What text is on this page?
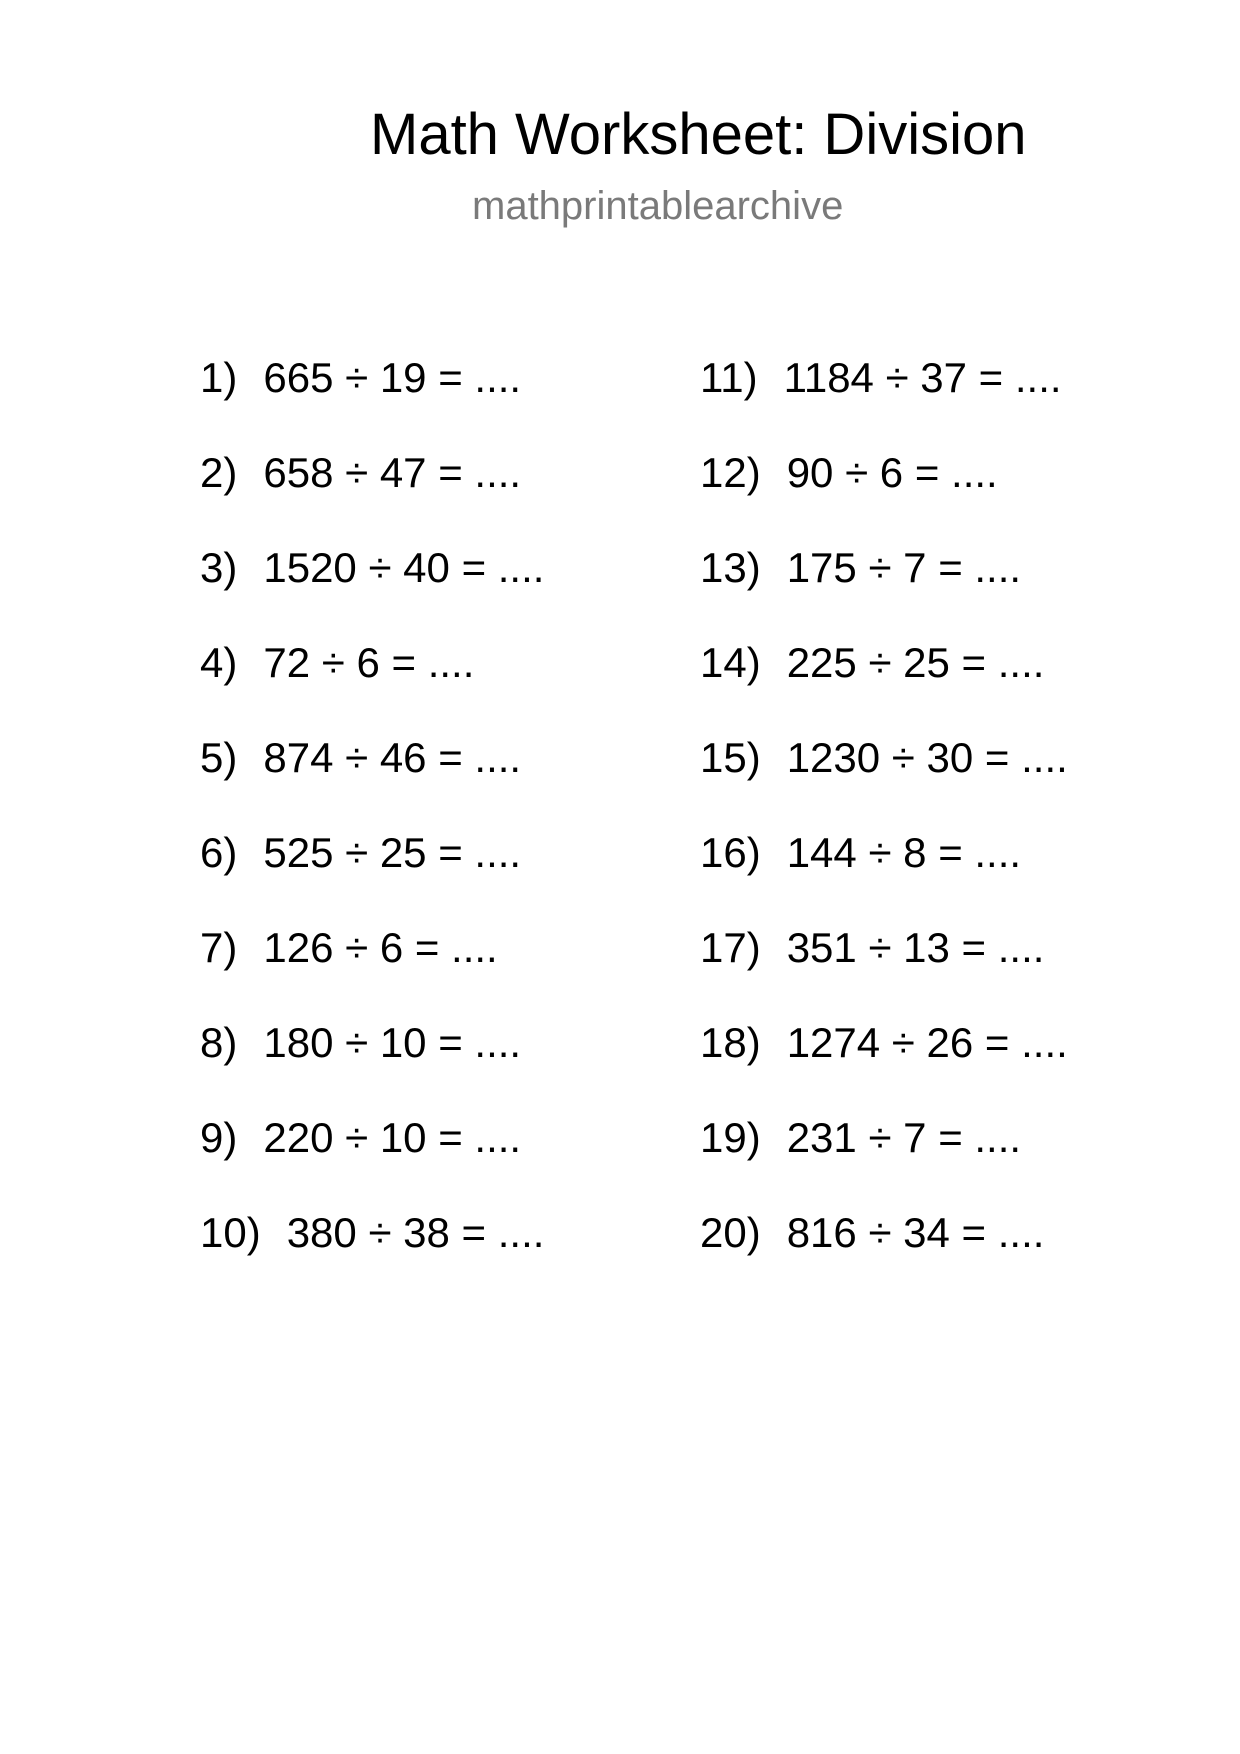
Math Worksheet: Division
mathprintablearchive
1) 665 ÷ 19 = ....
2) 658 ÷ 47 = ....
3) 1520 ÷ 40 = ....
4) 72 ÷ 6 = ....
5) 874 ÷ 46 = ....
6) 525 ÷ 25 = ....
7) 126 ÷ 6 = ....
8) 180 ÷ 10 = ....
9) 220 ÷ 10 = ....
10) 380 ÷ 38 = ....
11) 1184 ÷ 37 = ....
12) 90 ÷ 6 = ....
13) 175 ÷ 7 = ....
14) 225 ÷ 25 = ....
15) 1230 ÷ 30 = ....
16) 144 ÷ 8 = ....
17) 351 ÷ 13 = ....
18) 1274 ÷ 26 = ....
19) 231 ÷ 7 = ....
20) 816 ÷ 34 = ....
